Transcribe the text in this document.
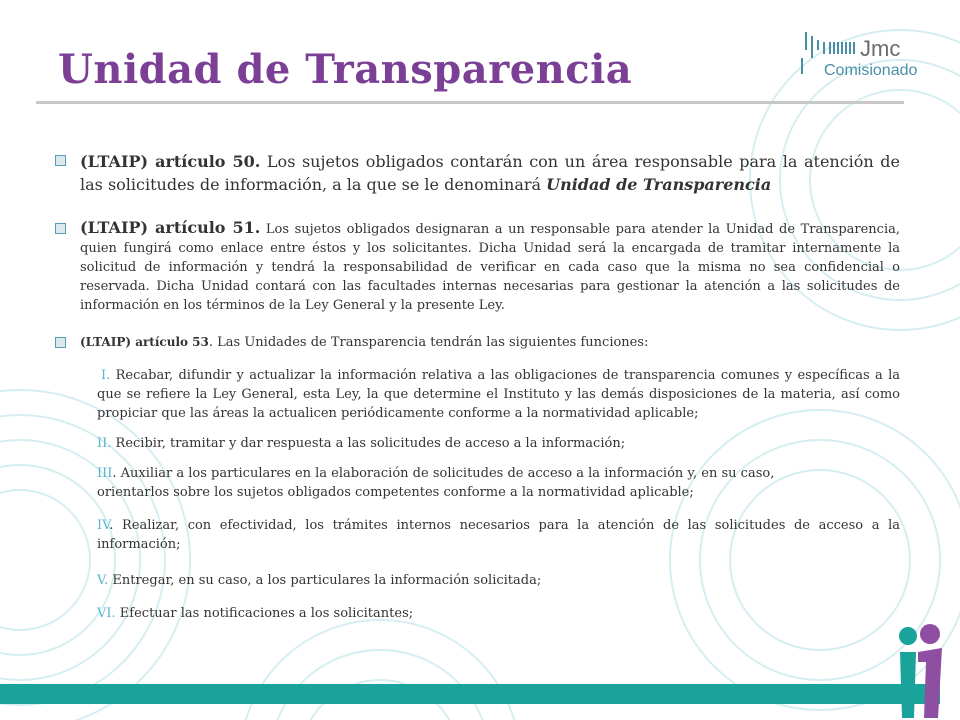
Unidad de Transparencia	Jmc
Comisionado
(LTAIP) artículo 50. Los sujetos obligados contarán con un área responsable para la atención de las solicitudes de información, a la que se le denominará Unidad de Transparencia
(LTAIP) artículo 51. Los sujetos obligados designaran a un responsable para atender la Unidad de Transparencia, quien fungirá como enlace entre éstos y los solicitantes. Dicha Unidad será la encargada de tramitar internamente la solicitud de información y tendrá la responsabilidad de verificar en cada caso que la misma no sea confidencial o reservada. Dicha Unidad contará con las facultades internas necesarias para gestionar la atención a las solicitudes de información en los términos de la Ley General y la presente Ley.
(LTAIP) artículo 53. Las Unidades de Transparencia tendrán las siguientes funciones:
I. Recabar, difundir y actualizar la información relativa a las obligaciones de transparencia comunes y específicas a la que se refiere la Ley General, esta Ley, la que determine el Instituto y las demás disposiciones de la materia, así como propiciar que las áreas la actualicen periódicamente conforme a la normatividad aplicable;
II. Recibir, tramitar y dar respuesta a las solicitudes de acceso a la información;
III. Auxiliar a los particulares en la elaboración de solicitudes de acceso a la información y, en su caso, orientarlos sobre los sujetos obligados competentes conforme a la normatividad aplicable;
IV. Realizar, con efectividad, los trámites internos necesarios para la atención de las solicitudes de acceso a la información;
V. Entregar, en su caso, a los particulares la información solicitada;
VI. Efectuar las notificaciones a los solicitantes;
